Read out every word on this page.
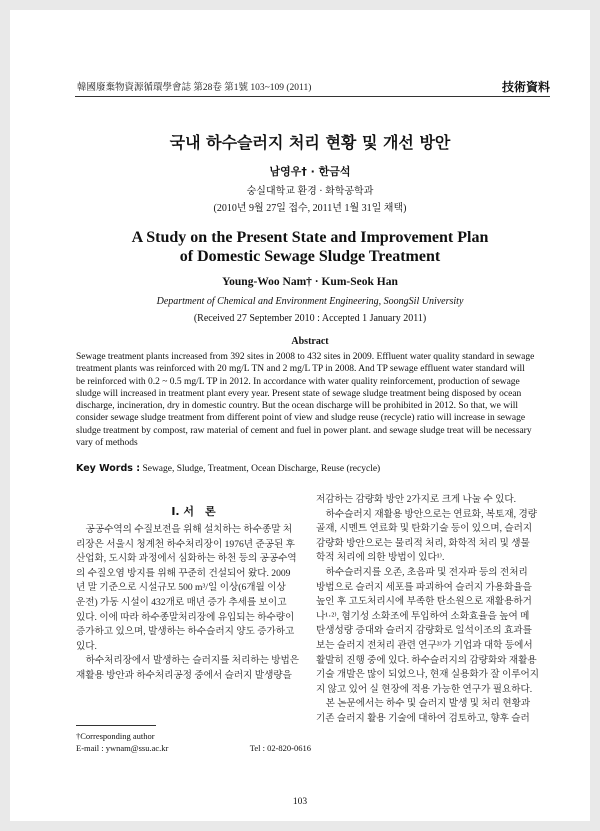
韓國廢棄物資源循環學會誌 第28卷 第1號 103~109 (2011)	技術資料
국내 하수슬러지 처리 현황 및 개선 방안
남영우† · 한금석
숭실대학교 환경 · 화학공학과
(2010년 9월 27일 접수, 2011년 1월 31일 채택)
A Study on the Present State and Improvement Plan
of Domestic Sewage Sludge Treatment
Young-Woo Nam† · Kum-Seok Han
Department of Chemical and Environment Engineering, SoongSil University
(Received 27 September 2010 : Accepted 1 January 2011)
Abstract
Sewage treatment plants increased from 392 sites in 2008 to 432 sites in 2009. Effluent water quality standard in sewage
treatment plants was reinforced with 20 mg/L TN and 2 mg/L TP in 2008. And TP sewage effluent water standard will
be reinforced with 0.2 ~ 0.5 mg/L TP in 2012. In accordance with water quality reinforcement, production of sewage
sludge will increased in treatment plant every year. Present state of sewage sludge treatment being disposed by ocean
discharge, incineration, dry in domestic country. But the ocean discharge will be prohibited in 2012. So that, we will
consider sewage sludge treatment from different point of view and sludge reuse (recycle) ratio will increase in sewage
sludge treatment by compost, raw material of cement and fuel in power plant. and sewage sludge treat will be necessary
vary of methods
Key Words : Sewage, Sludge, Treatment, Ocean Discharge, Reuse (recycle)
I. 서　론
　공공수역의 수질보전을 위해 설치하는 하수종말 처
리장은 서울시 청계천 하수처리장이 1976년 준공된 후
산업화, 도시화 과정에서 심화하는 하천 등의 공공수역
의 수질오염 방지를 위해 꾸준히 건설되어 왔다. 2009
년 말 기준으로 시설규모 500 m³/일 이상(6개월 이상
운전) 가동 시설이 432개로 매년 증가 추세를 보이고
있다. 이에 따라 하수종말처리장에 유입되는 하수량이
증가하고 있으며, 발생하는 하수슬러지 양도 증가하고
있다.
　하수처리장에서 발생하는 슬러지를 처리하는 방법은
재활용 방안과 하수처리공정 중에서 슬러지 발생량을
저감하는 감량화 방안 2가지로 크게 나눌 수 있다.
　하수슬러지 재활용 방안으로는 연료화, 복토재, 경량
골재, 시멘트 연료화 및 탄화기술 등이 있으며, 슬러지
감량화 방안으로는 물리적 처리, 화학적 처리 및 생물
학적 처리에 의한 방법이 있다¹⁾.
　하수슬러지를 오존, 초음파 및 전자파 등의 전처리
방법으로 슬러지 세포를 파괴하여 슬러지 가용화율을
높인 후 고도처리시에 부족한 탄소원으로 재활용하거
나¹·²⁾, 혐기성 소화조에 투입하여 소화효율을 높여 메
탄생성량 증대와 슬러지 감량화로 일석이조의 효과를
보는 슬러지 전처리 관련 연구³⁾가 기업과 대학 등에서
활발히 진행 중에 있다. 하수슬러지의 감량화와 재활용
기술 개발은 많이 되었으나, 현재 실용화가 잘 이루어지
지 않고 있어 실 현장에 적용 가능한 연구가 필요하다.
　본 논문에서는 하수 및 슬러지 발생 및 처리 현황과
기존 슬러지 활용 기술에 대하여 검토하고, 향후 슬러
†Corresponding author
E-mail : ywnam@ssu.ac.kr	Tel : 02-820-0616
103
